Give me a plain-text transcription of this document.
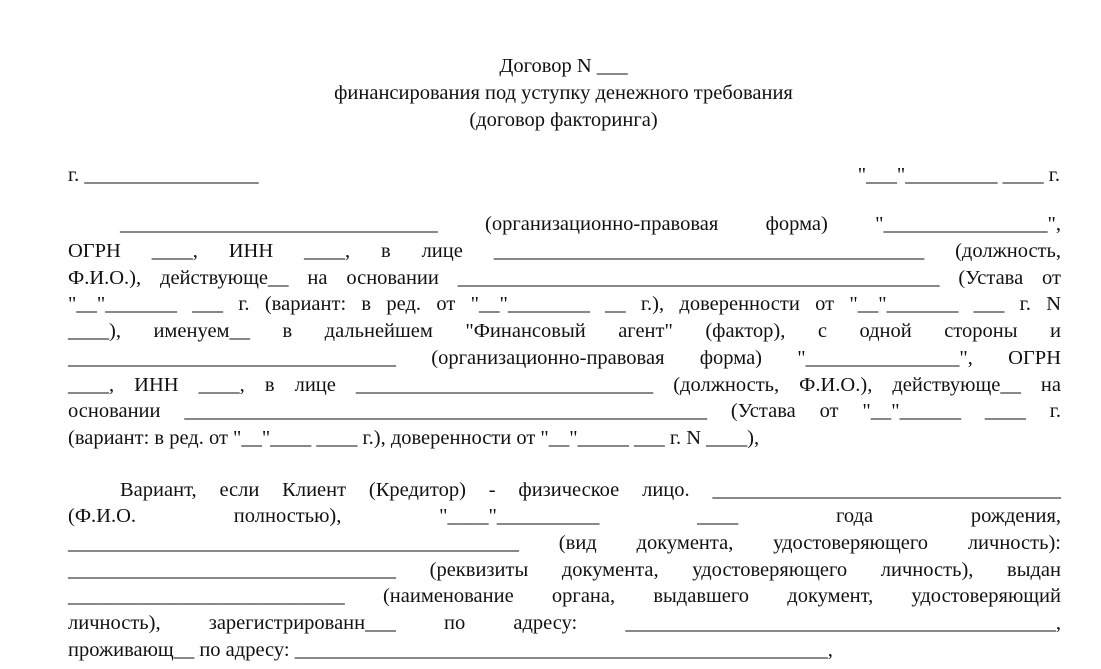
Договор N ___
финансирования под уступку денежного требования
(договор факторинга)
г. _________________	"___"_________ ____ г.
_______________________________ (организационно-правовая форма) "________________",
ОГРН ____, ИНН ____, в лице __________________________________________ (должность,
Ф.И.О.), действующе__ на основании _______________________________________________ (Устава от
"__"_______ ___ г. (вариант: в ред. от "__"________ __ г.), доверенности от "__"_______ ___ г. N
____), именуем__ в дальнейшем "Финансовый агент" (фактор), с одной стороны и
________________________________ (организационно-правовая форма) "_______________", ОГРН
____, ИНН ____, в лице _____________________________ (должность, Ф.И.О.), действующе__ на
основании ___________________________________________________ (Устава от "__"______ ____ г.
(вариант: в ред. от "__"____ ____ г.), доверенности от "__"_____ ___ г. N ____),
Вариант, если Клиент (Кредитор) - физическое лицо. __________________________________
(Ф.И.О. полностью), "____"__________ ____ года рождения,
____________________________________________ (вид документа, удостоверяющего личность):
________________________________ (реквизиты документа, удостоверяющего личность), выдан
___________________________ (наименование органа, выдавшего документ, удостоверяющий
личность), зарегистрированн___ по адресу: __________________________________________,
проживающ__ по адресу: ____________________________________________________,
